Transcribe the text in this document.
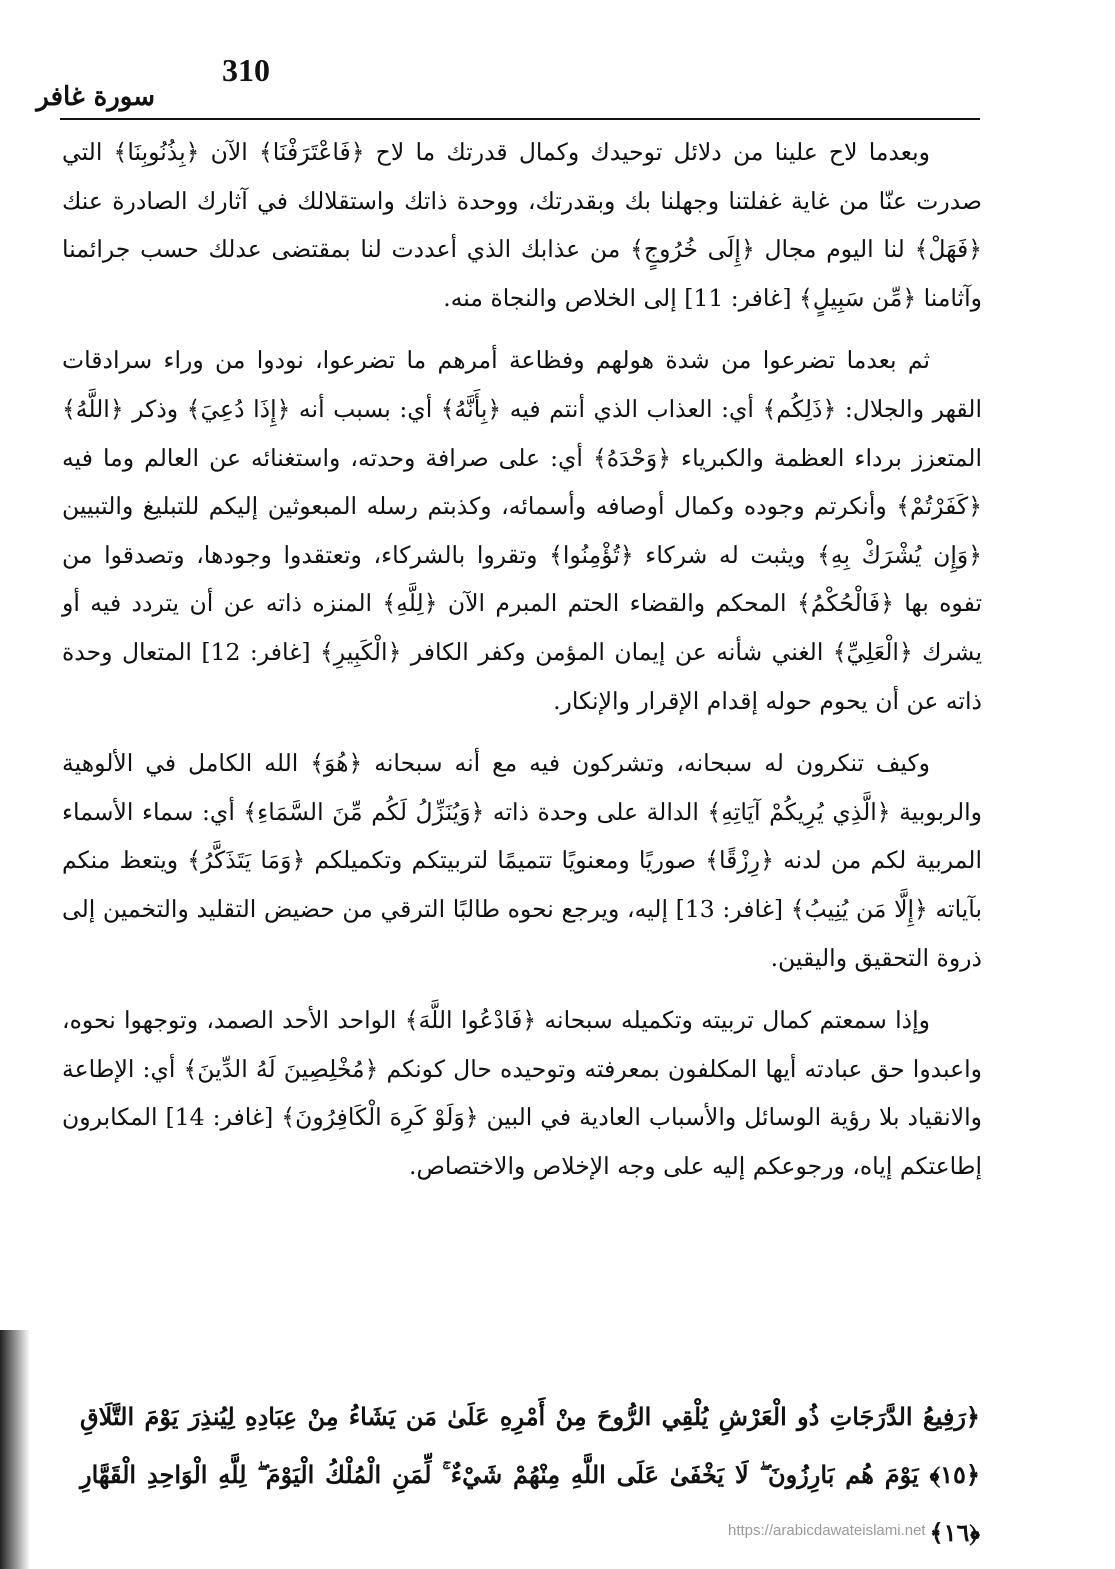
310
سورة غافر

وبعدما لاح علينا من دلائل توحيدك وكمال قدرتك ما لاح ﴿فَاعْتَرَفْنَا﴾ الآن ﴿بِذُنُوبِنَا﴾ التي صدرت عنّا من غاية غفلتنا وجهلنا بك وبقدرتك، ووحدة ذاتك واستقلالك في آثارك الصادرة عنك ﴿فَهَلْ﴾ لنا اليوم مجال ﴿إِلَى خُرُوجٍ﴾ من عذابك الذي أعددت لنا بمقتضى عدلك حسب جرائمنا وآثامنا ﴿مِّن سَبِيلٍ﴾ [غافر: 11] إلى الخلاص والنجاة منه.

ثم بعدما تضرعوا من شدة هولهم وفظاعة أمرهم ما تضرعوا، نودوا من وراء سرادقات القهر والجلال: ﴿ذَلِكُم﴾ أي: العذاب الذي أنتم فيه ﴿بِأَنَّهُ﴾ أي: بسبب أنه ﴿إِذَا دُعِيَ﴾ وذكر ﴿اللَّهُ﴾ المتعزز برداء العظمة والكبرياء ﴿وَحْدَهُ﴾ أي: على صرافة وحدته، واستغنائه عن العالم وما فيه ﴿كَفَرْتُمْ﴾ وأنكرتم وجوده وكمال أوصافه وأسمائه، وكذبتم رسله المبعوثين إليكم للتبليغ والتبيين ﴿وَإِن يُشْرَكْ بِهِ﴾ ويثبت له شركاء ﴿تُؤْمِنُوا﴾ وتقروا بالشركاء، وتعتقدوا وجودها، وتصدقوا من تفوه بها ﴿فَالْحُكْمُ﴾ المحكم والقضاء الحتم المبرم الآن ﴿لِلَّهِ﴾ المنزه ذاته عن أن يتردد فيه أو يشرك ﴿الْعَلِيِّ﴾ الغني شأنه عن إيمان المؤمن وكفر الكافر ﴿الْكَبِيرِ﴾ [غافر: 12] المتعال وحدة ذاته عن أن يحوم حوله إقدام الإقرار والإنكار.

وكيف تنكرون له سبحانه، وتشركون فيه مع أنه سبحانه ﴿هُوَ﴾ الله الكامل في الألوهية والربوبية ﴿الَّذِي يُرِيكُمْ آيَاتِهِ﴾ الدالة على وحدة ذاته ﴿وَيُنَزِّلُ لَكُم مِّنَ السَّمَاءِ﴾ أي: سماء الأسماء المربية لكم من لدنه ﴿رِزْقًا﴾ صوريًا ومعنويًا تتميمًا لتربيتكم وتكميلكم ﴿وَمَا يَتَذَكَّرُ﴾ ويتعظ منكم بآياته ﴿إِلَّا مَن يُنِيبُ﴾ [غافر: 13] إليه، ويرجع نحوه طالبًا الترقي من حضيض التقليد والتخمين إلى ذروة التحقيق واليقين.

وإذا سمعتم كمال تربيته وتكميله سبحانه ﴿فَادْعُوا اللَّهَ﴾ الواحد الأحد الصمد، وتوجهوا نحوه، واعبدوا حق عبادته أيها المكلفون بمعرفته وتوحيده حال كونكم ﴿مُخْلِصِينَ لَهُ الدِّينَ﴾ أي: الإطاعة والانقياد بلا رؤية الوسائل والأسباب العادية في البين ﴿وَلَوْ كَرِهَ الْكَافِرُونَ﴾ [غافر: 14] المكابرون إطاعتكم إياه، ورجوعكم إليه على وجه الإخلاص والاختصاص.

﴿رَفِيعُ الدَّرَجَاتِ ذُو الْعَرْشِ يُلْقِي الرُّوحَ مِنْ أَمْرِهِ عَلَىٰ مَن يَشَاءُ مِنْ عِبَادِهِ لِيُنذِرَ يَوْمَ التَّلَاقِ ﴿١٥﴾ يَوْمَ هُم بَارِزُونَ ۖ لَا يَخْفَىٰ عَلَى اللَّهِ مِنْهُمْ شَيْءٌ ۚ لِّمَنِ الْمُلْكُ الْيَوْمَ ۖ لِلَّهِ الْوَاحِدِ الْقَهَّارِ ﴿١٦﴾
https://arabicdawateislami.net
